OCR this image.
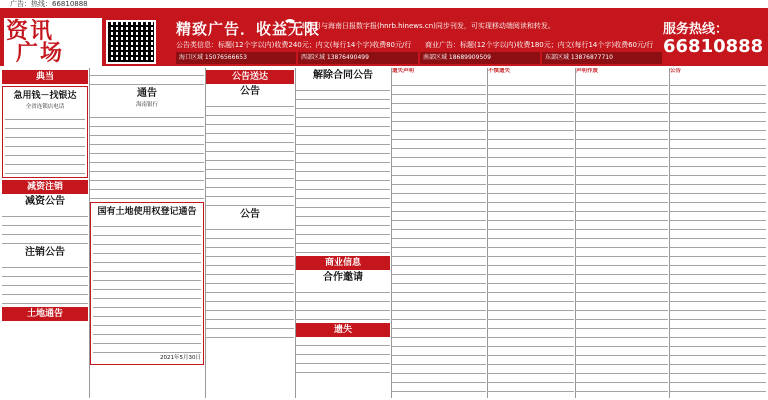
广告：热线：66810888
资讯
广场
精致广告．收益无限
本栏目与海南日报数字报(hnrb.hinews.cn)同步刊发，可实现移动端阅读和转发。
公告类信息：标题(12个字以内)收费240元；内文(每行14个字)收费80元/行 商业广告：标题(12个字以内)收费180元；内文(每行14个字)收费60元/行
服务热线：
66810888
海口区域 15076566653	西部区域 13876490499	南部区域 18689909509	东部区域 13876877710
典当
急用钱－找银达
全省连锁店电话
减资注销
减资公告
注销公告
土地通告
通告
海南银行
国有土地使用权登记通告
2021年5月30日
公告送达
公告
公告
解除合同公告
商业信息
合作邀请
遗失
遗失声明	不慎遗失	声明作废	公告
